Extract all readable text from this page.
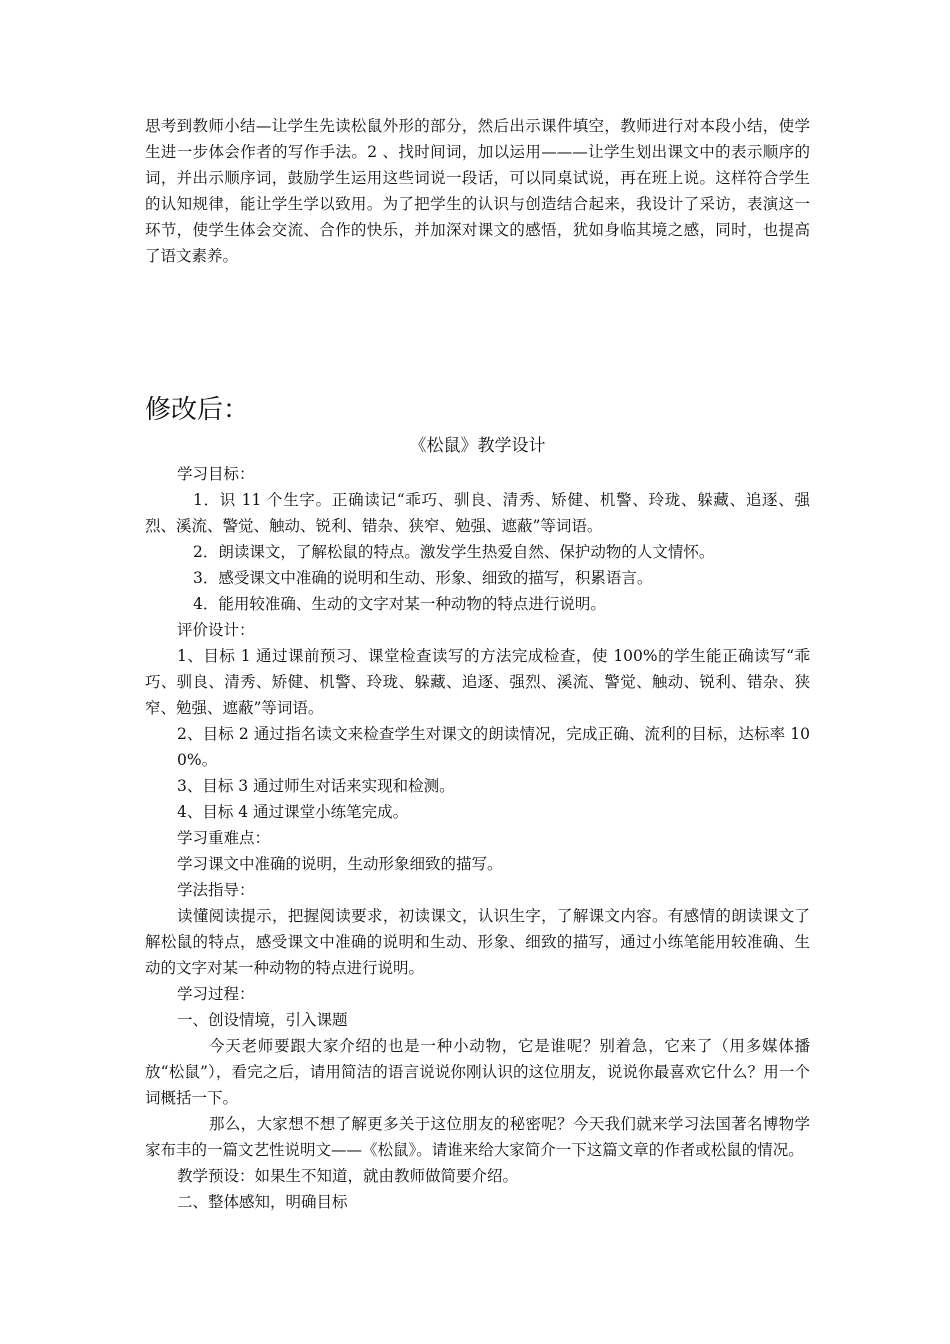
思考到教师小结—让学生先读松鼠外形的部分，然后出示课件填空，教师进行对本段小结，使学生进一步体会作者的写作手法。2 、找时间词，加以运用———让学生划出课文中的表示顺序的词，并出示顺序词，鼓励学生运用这些词说一段话，可以同桌试说，再在班上说。这样符合学生的认知规律，能让学生学以致用。为了把学生的认识与创造结合起来，我设计了采访，表演这一环节，使学生体会交流、合作的快乐，并加深对课文的感悟，犹如身临其境之感，同时，也提高了语文素养。

修改后：

《松鼠》教学设计

学习目标：

1．识 11 个生字。正确读记“乖巧、驯良、清秀、矫健、机警、玲珑、躲藏、追逐、强烈、溪流、警觉、触动、锐利、错杂、狭窄、勉强、遮蔽”等词语。

2．朗读课文，了解松鼠的特点。激发学生热爱自然、保护动物的人文情怀。

3．感受课文中准确的说明和生动、形象、细致的描写，积累语言。

4．能用较准确、生动的文字对某一种动物的特点进行说明。

评价设计：

1、目标 1 通过课前预习、课堂检查读写的方法完成检查，使 100%的学生能正确读写“乖巧、驯良、清秀、矫健、机警、玲珑、躲藏、追逐、强烈、溪流、警觉、触动、锐利、错杂、狭窄、勉强、遮蔽”等词语。

2、目标 2 通过指名读文来检查学生对课文的朗读情况，完成正确、流利的目标，达标率 100%。

3、目标 3 通过师生对话来实现和检测。

4、目标 4 通过课堂小练笔完成。

学习重难点：

学习课文中准确的说明，生动形象细致的描写。

学法指导：

读懂阅读提示，把握阅读要求，初读课文，认识生字，了解课文内容。有感情的朗读课文了解松鼠的特点，感受课文中准确的说明和生动、形象、细致的描写，通过小练笔能用较准确、生动的文字对某一种动物的特点进行说明。

学习过程：

一、创设情境，引入课题

今天老师要跟大家介绍的也是一种小动物，它是谁呢？别着急，它来了（用多媒体播放“松鼠”），看完之后，请用简洁的语言说说你刚认识的这位朋友，说说你最喜欢它什么？用一个词概括一下。

那么，大家想不想了解更多关于这位朋友的秘密呢？今天我们就来学习法国著名博物学家布丰的一篇文艺性说明文——《松鼠》。请谁来给大家简介一下这篇文章的作者或松鼠的情况。

教学预设：如果生不知道，就由教师做简要介绍。

二、整体感知，明确目标
